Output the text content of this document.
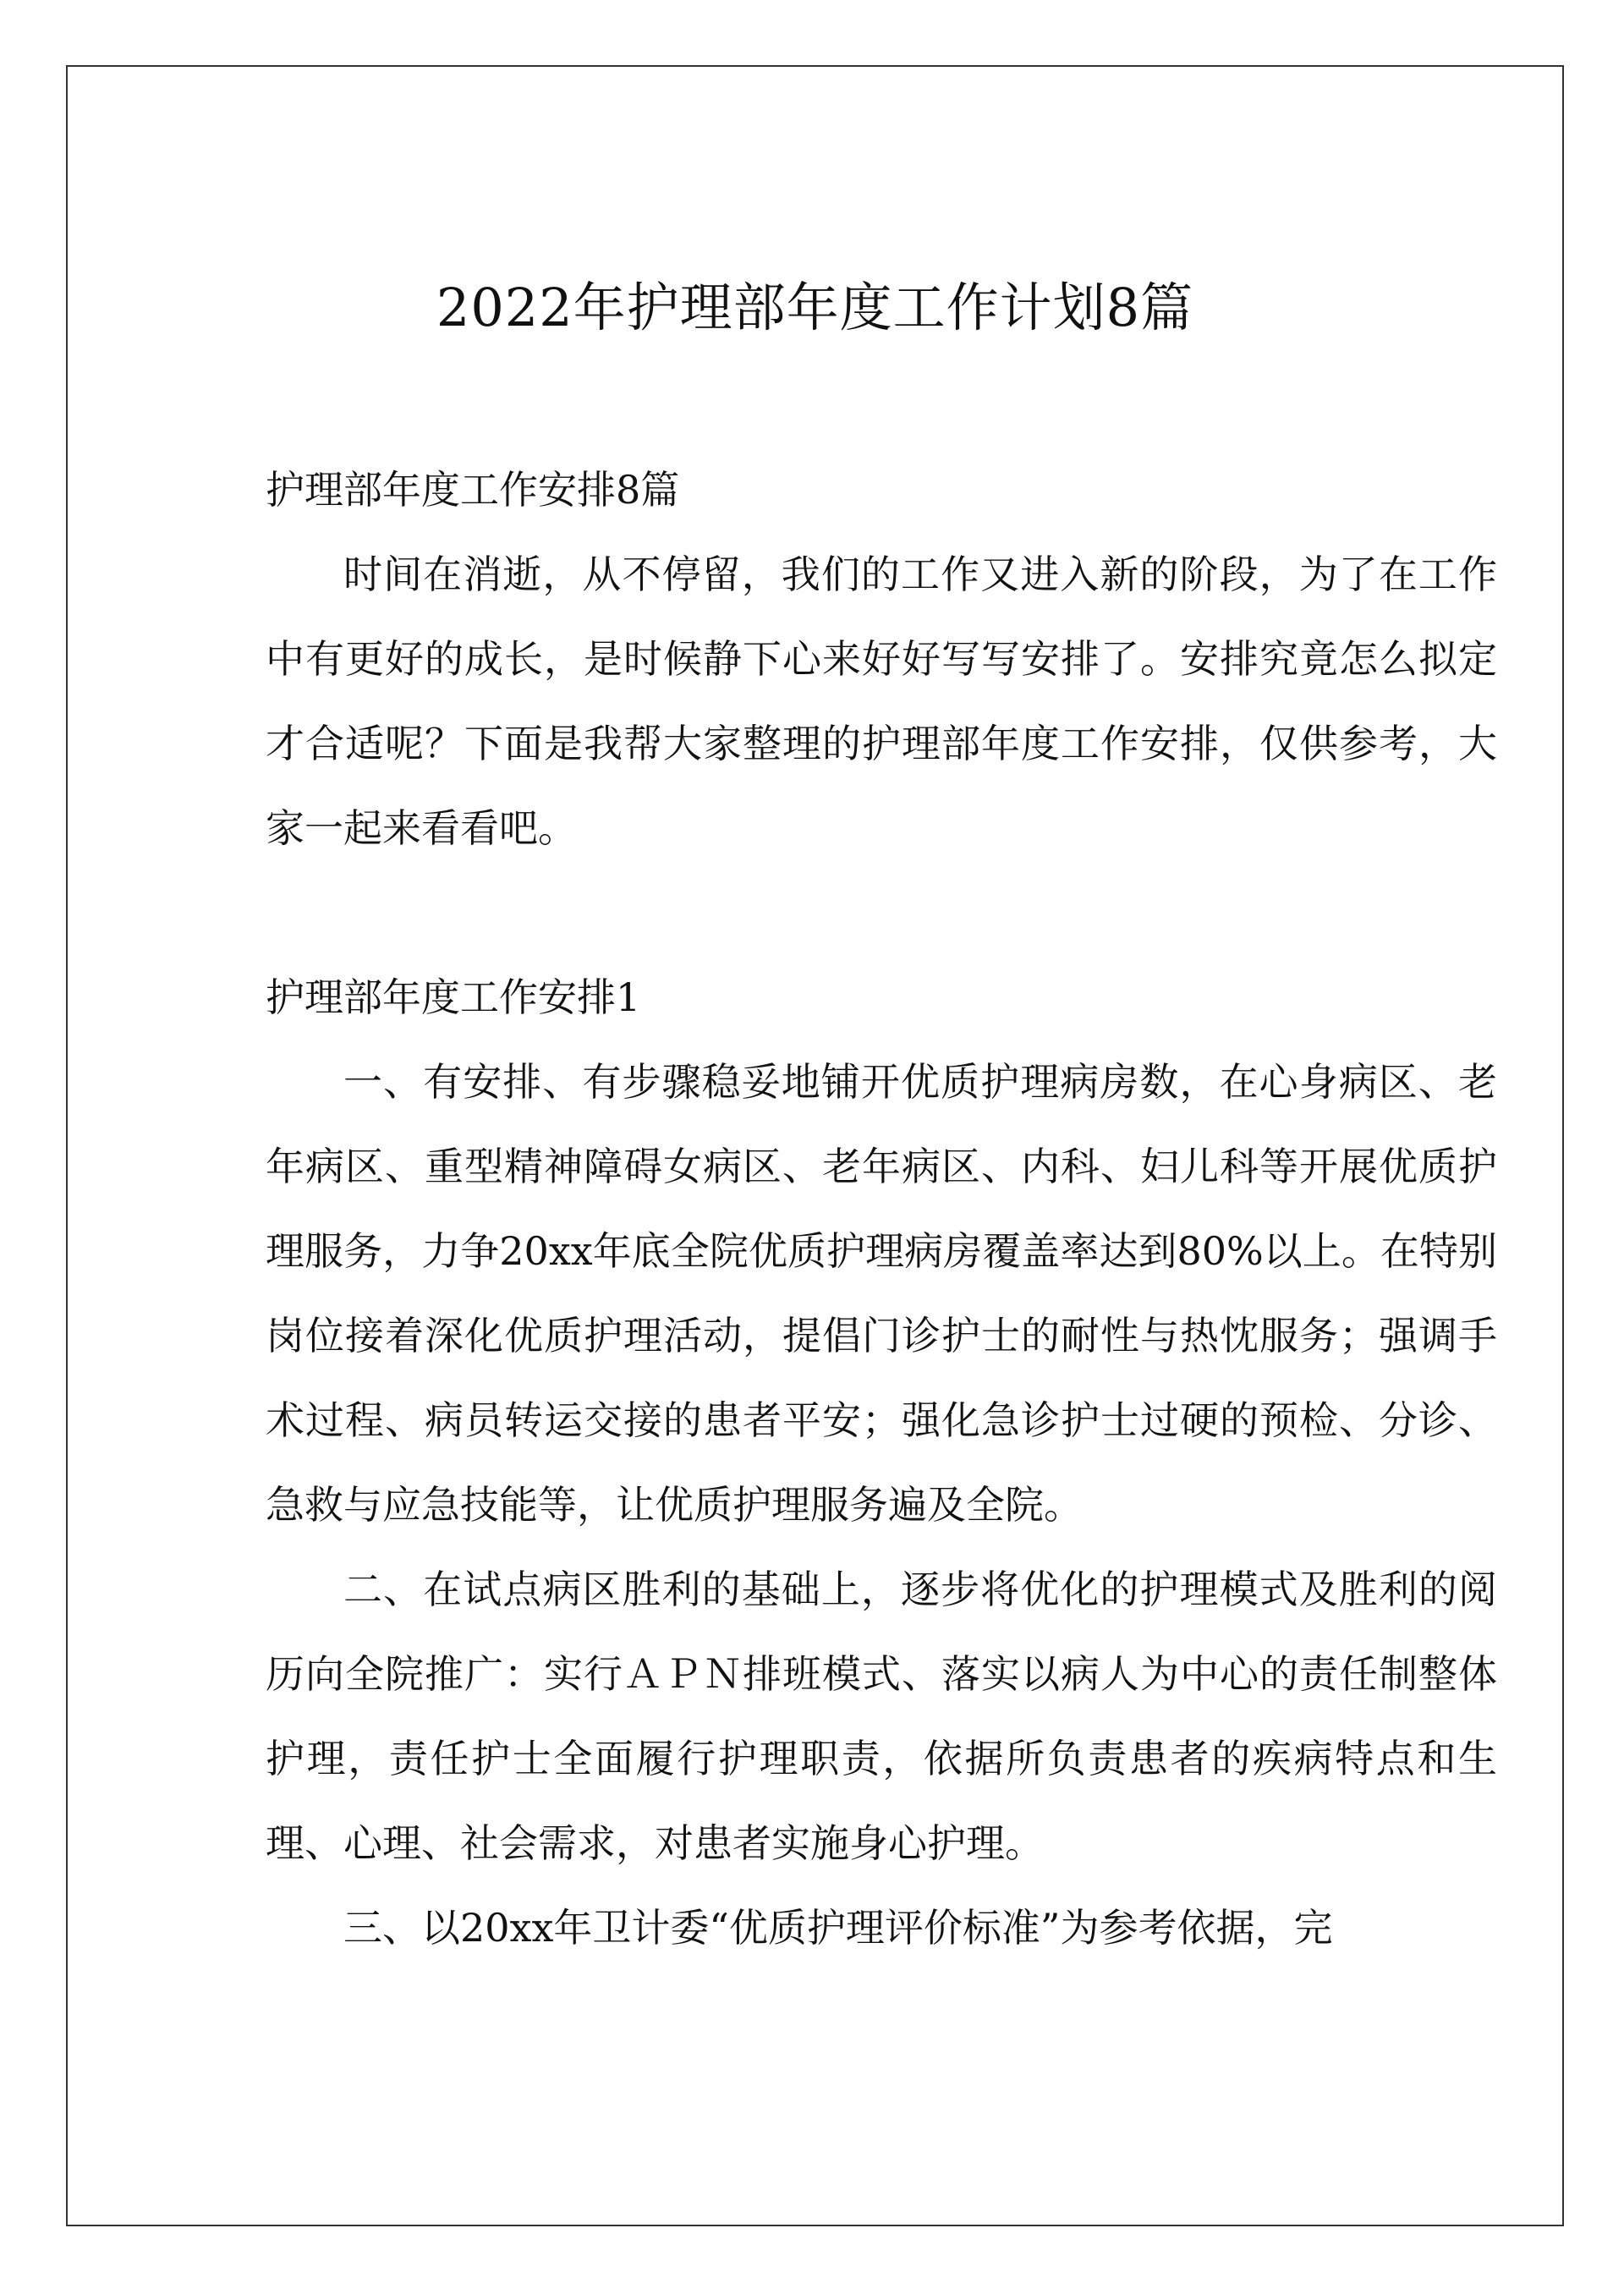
2022年护理部年度工作计划8篇

护理部年度工作安排8篇

时间在消逝，从不停留，我们的工作又进入新的阶段，为了在工作中有更好的成长，是时候静下心来好好写写安排了。安排究竟怎么拟定才合适呢？下面是我帮大家整理的护理部年度工作安排，仅供参考，大家一起来看看吧。

护理部年度工作安排1

一、有安排、有步骤稳妥地铺开优质护理病房数，在心身病区、老年病区、重型精神障碍女病区、老年病区、内科、妇儿科等开展优质护理服务，力争20xx年底全院优质护理病房覆盖率达到80%以上。在特别岗位接着深化优质护理活动，提倡门诊护士的耐性与热忱服务；强调手术过程、病员转运交接的患者平安；强化急诊护士过硬的预检、分诊、急救与应急技能等，让优质护理服务遍及全院。

二、在试点病区胜利的基础上，逐步将优化的护理模式及胜利的阅历向全院推广：实行ＡＰＮ排班模式、落实以病人为中心的责任制整体护理，责任护士全面履行护理职责，依据所负责患者的疾病特点和生理、心理、社会需求，对患者实施身心护理。

三、以20xx年卫计委“优质护理评价标准”为参考依据，完
